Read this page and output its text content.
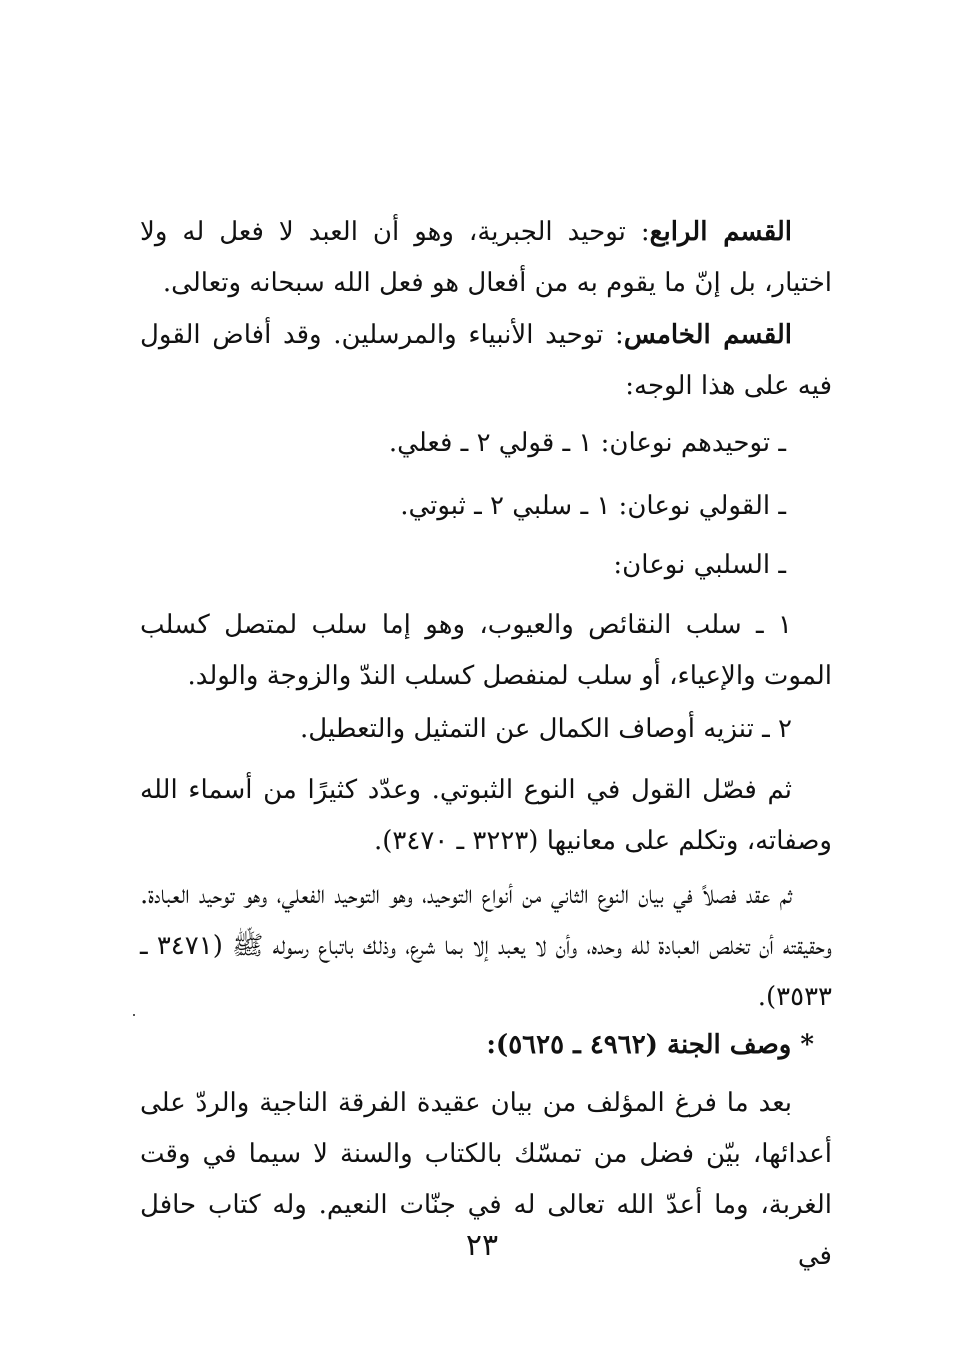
القسم الرابع: توحيد الجبرية، وهو أن العبد لا فعل له ولا اختيار، بل إنّ ما يقوم به من أفعال هو فعل الله سبحانه وتعالى.
القسم الخامس: توحيد الأنبياء والمرسلين. وقد أفاض القول فيه على هذا الوجه:
ـ توحيدهم نوعان: ١ ـ قولي ٢ ـ فعلي.
ـ القولي نوعان: ١ ـ سلبي ٢ ـ ثبوتي.
ـ السلبي نوعان:
١ ـ سلب النقائص والعيوب، وهو إما سلب لمتصل كسلب الموت والإعياء، أو سلب لمنفصل كسلب الندّ والزوجة والولد.
٢ ـ تنزيه أوصاف الكمال عن التمثيل والتعطيل.
ثم فصّل القول في النوع الثبوتي. وعدّد كثيرًا من أسماء الله وصفاته، وتكلم على معانيها (٣٢٢٣ ـ ٣٤٧٠).
ثم عقد فصلاً في بيان النوع الثاني من أنواع التوحيد، وهو التوحيد الفعلي، وهو توحيد العبادة. وحقيقته أن تخلص العبادة لله وحده، وأن لا يعبد إلا بما شرع، وذلك باتباع رسوله ﷺ (٣٤٧١ ـ ٣٥٣٣).
* وصف الجنة (٤٩٦٢ ـ ٥٦٢٥):
بعد ما فرغ المؤلف من بيان عقيدة الفرقة الناجية والردّ على أعدائها، بيّن فضل من تمسّك بالكتاب والسنة لا سيما في وقت الغربة، وما أعدّ الله تعالى له في جنّات النعيم. وله كتاب حافل في
٢٣
